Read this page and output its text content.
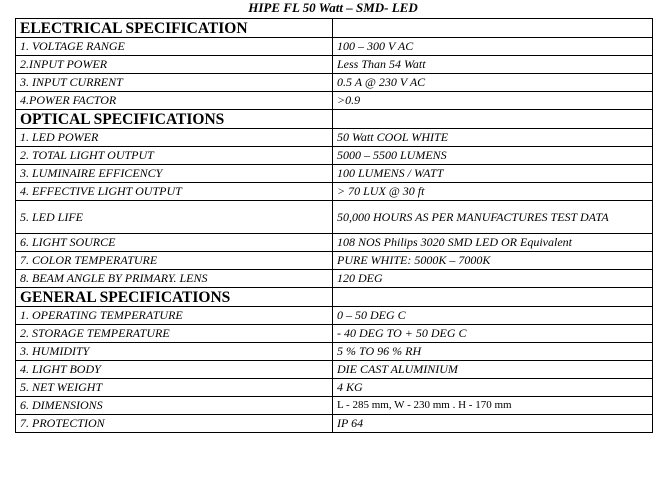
HIPE FL 50 Watt – SMD- LED
ELECTRICAL SPECIFICATION	
1. VOLTAGE RANGE	100 – 300 V AC
2.INPUT POWER	Less Than 54 Watt
3. INPUT CURRENT	0.5 A @ 230 V AC
4.POWER FACTOR	>0.9
OPTICAL SPECIFICATIONS	
1. LED POWER	50 Watt COOL WHITE
2. TOTAL LIGHT OUTPUT	5000 – 5500 LUMENS
3. LUMINAIRE EFFICENCY	100 LUMENS / WATT
4. EFFECTIVE LIGHT OUTPUT	> 70 LUX @ 30 ft
5. LED LIFE	50,000 HOURS AS PER MANUFACTURES TEST DATA
6. LIGHT SOURCE	108 NOS Philips 3020 SMD LED OR Equivalent
7. COLOR TEMPERATURE	PURE WHITE: 5000K – 7000K
8. BEAM ANGLE BY PRIMARY. LENS	120 DEG
GENERAL SPECIFICATIONS	
1. OPERATING TEMPERATURE	0 – 50 DEG C
2. STORAGE TEMPERATURE	- 40 DEG TO + 50 DEG C
3. HUMIDITY	5 % TO 96 % RH
4. LIGHT BODY	DIE CAST ALUMINIUM
5. NET WEIGHT	4 KG
6. DIMENSIONS	L - 285 mm, W - 230 mm . H - 170 mm
7. PROTECTION	IP 64
